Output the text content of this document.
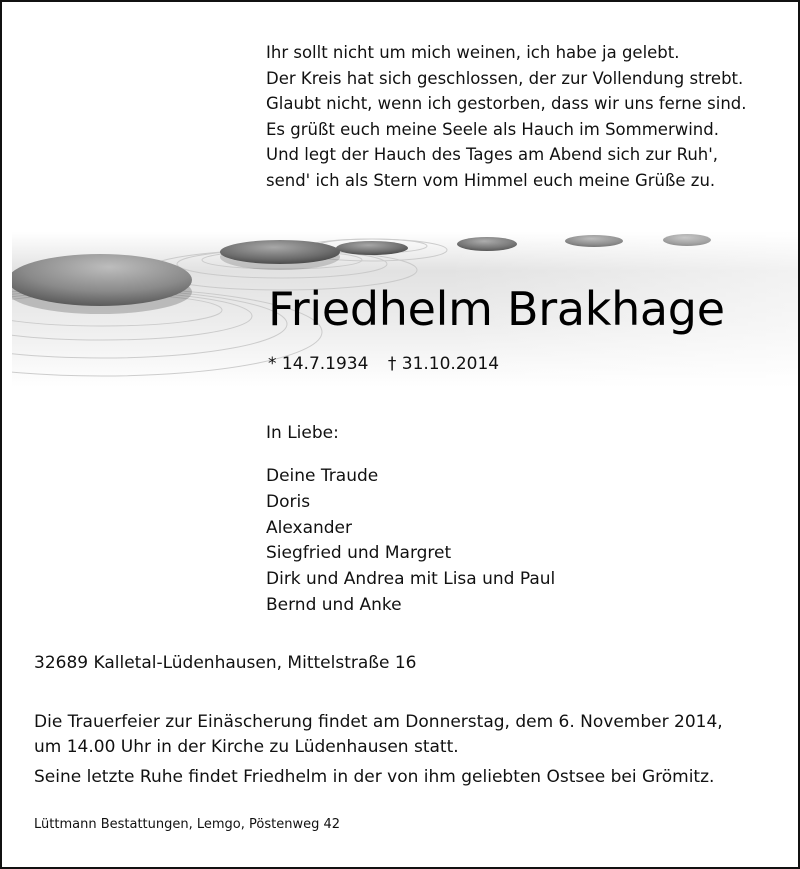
Ihr sollt nicht um mich weinen, ich habe ja gelebt.
Der Kreis hat sich geschlossen, der zur Vollendung strebt.
Glaubt nicht, wenn ich gestorben, dass wir uns ferne sind.
Es grüßt euch meine Seele als Hauch im Sommerwind.
Und legt der Hauch des Tages am Abend sich zur Ruh',
send' ich als Stern vom Himmel euch meine Grüße zu.
Friedhelm Brakhage
* 14.7.1934 † 31.10.2014
In Liebe:
Deine Traude
Doris
Alexander
Siegfried und Margret
Dirk und Andrea mit Lisa und Paul
Bernd und Anke
32689 Kalletal-Lüdenhausen, Mittelstraße 16
Die Trauerfeier zur Einäscherung findet am Donnerstag, dem 6. November 2014,
um 14.00 Uhr in der Kirche zu Lüdenhausen statt.
Seine letzte Ruhe findet Friedhelm in der von ihm geliebten Ostsee bei Grömitz.
Lüttmann Bestattungen, Lemgo, Pöstenweg 42
